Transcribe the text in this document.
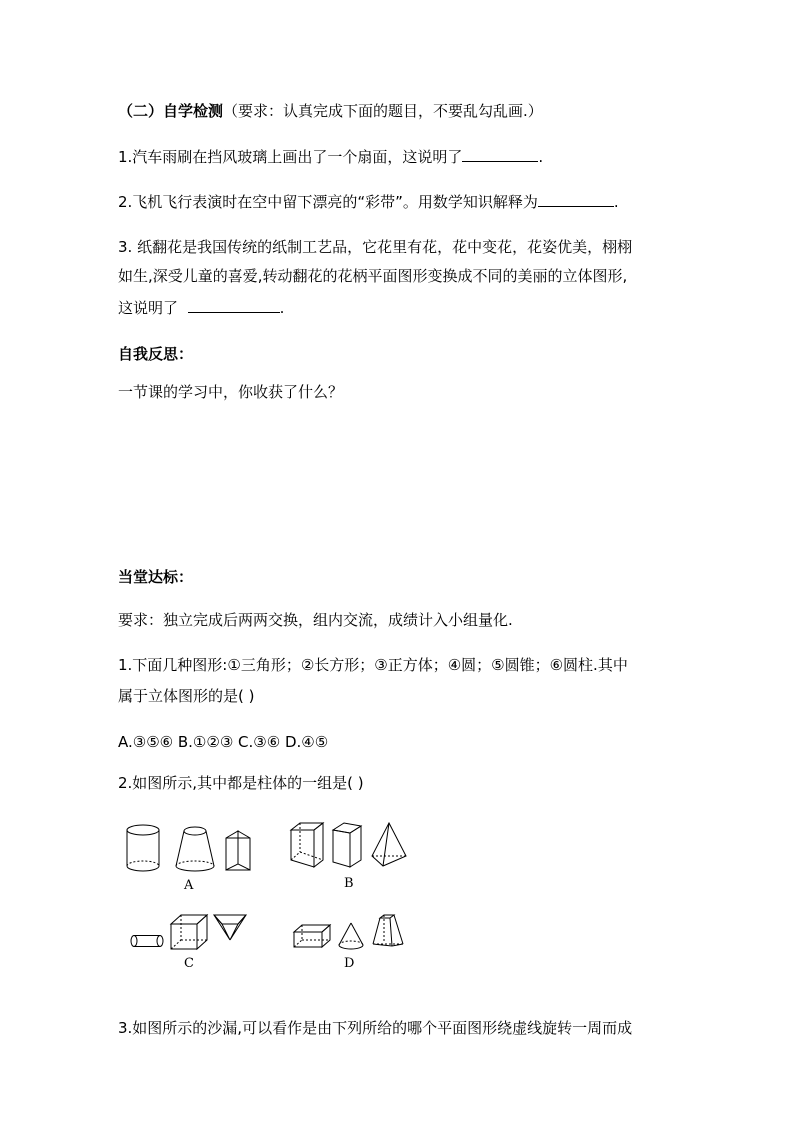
（二）自学检测（要求：认真完成下面的题目，不要乱勾乱画.）
1.汽车雨刷在挡风玻璃上画出了一个扇面，这说明了	.
2.飞机飞行表演时在空中留下漂亮的“彩带”。用数学知识解释为	.
3. 纸翻花是我国传统的纸制工艺品，它花里有花，花中变花，花姿优美，栩栩
如生,深受儿童的喜爱,转动翻花的花柄平面图形变换成不同的美丽的立体图形,
这说明了	.
自我反思：
一节课的学习中，你收获了什么？
当堂达标：
要求：独立完成后两两交换，组内交流，成绩计入小组量化.
1.下面几种图形:①三角形；②长方形；③正方体；④圆；⑤圆锥；⑥圆柱.其中
属于立体图形的是( )
A.③⑤⑥ B.①②③ C.③⑥ D.④⑤
2.如图所示,其中都是柱体的一组是( )
A	B
C	D
3.如图所示的沙漏,可以看作是由下列所给的哪个平面图形绕虚线旋转一周而成
